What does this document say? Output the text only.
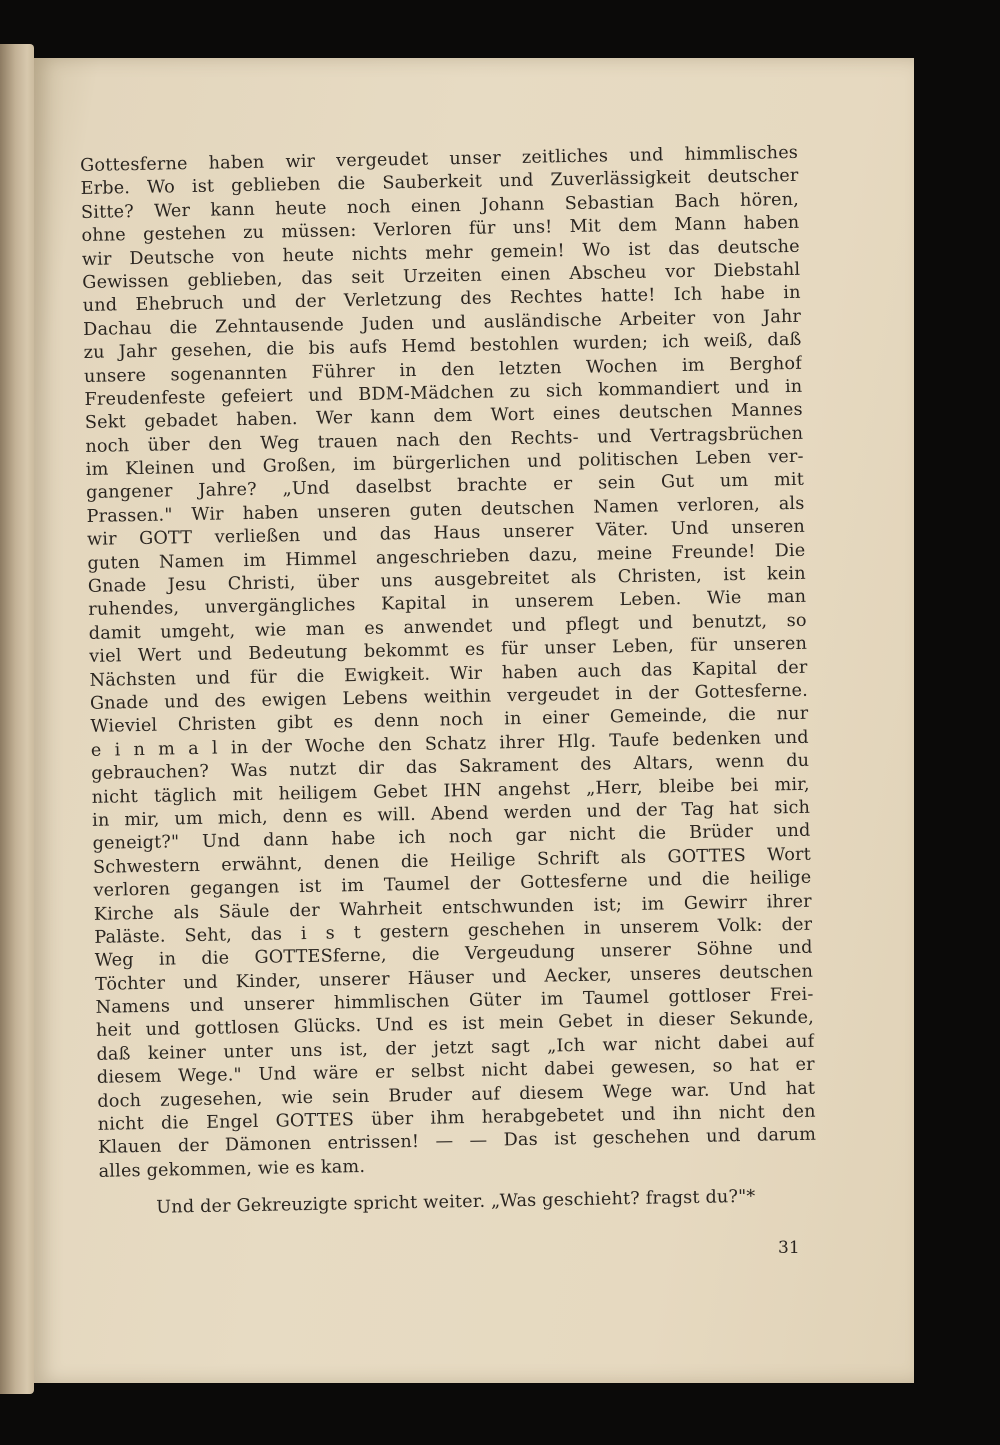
Gottesferne haben wir vergeudet unser zeitliches und himmlisches
Erbe. Wo ist geblieben die Sauberkeit und Zuverlässigkeit deutscher
Sitte? Wer kann heute noch einen Johann Sebastian Bach hören,
ohne gestehen zu müssen: Verloren für uns! Mit dem Mann haben
wir Deutsche von heute nichts mehr gemein! Wo ist das deutsche
Gewissen geblieben, das seit Urzeiten einen Abscheu vor Diebstahl
und Ehebruch und der Verletzung des Rechtes hatte! Ich habe in
Dachau die Zehntausende Juden und ausländische Arbeiter von Jahr
zu Jahr gesehen, die bis aufs Hemd bestohlen wurden; ich weiß, daß
unsere sogenannten Führer in den letzten Wochen im Berghof
Freudenfeste gefeiert und BDM-Mädchen zu sich kommandiert und in
Sekt gebadet haben. Wer kann dem Wort eines deutschen Mannes
noch über den Weg trauen nach den Rechts- und Vertragsbrüchen
im Kleinen und Großen, im bürgerlichen und politischen Leben ver-
gangener Jahre? „Und daselbst brachte er sein Gut um mit
Prassen." Wir haben unseren guten deutschen Namen verloren, als
wir GOTT verließen und das Haus unserer Väter. Und unseren
guten Namen im Himmel angeschrieben dazu, meine Freunde! Die
Gnade Jesu Christi, über uns ausgebreitet als Christen, ist kein
ruhendes, unvergängliches Kapital in unserem Leben. Wie man
damit umgeht, wie man es anwendet und pflegt und benutzt, so
viel Wert und Bedeutung bekommt es für unser Leben, für unseren
Nächsten und für die Ewigkeit. Wir haben auch das Kapital der
Gnade und des ewigen Lebens weithin vergeudet in der Gottesferne.
Wieviel Christen gibt es denn noch in einer Gemeinde, die nur
e i n m a l in der Woche den Schatz ihrer Hlg. Taufe bedenken und
gebrauchen? Was nutzt dir das Sakrament des Altars, wenn du
nicht täglich mit heiligem Gebet IHN angehst „Herr, bleibe bei mir,
in mir, um mich, denn es will. Abend werden und der Tag hat sich
geneigt?" Und dann habe ich noch gar nicht die Brüder und
Schwestern erwähnt, denen die Heilige Schrift als GOTTES Wort
verloren gegangen ist im Taumel der Gottesferne und die heilige
Kirche als Säule der Wahrheit entschwunden ist; im Gewirr ihrer
Paläste. Seht, das i s t gestern geschehen in unserem Volk: der
Weg in die GOTTESferne, die Vergeudung unserer Söhne und
Töchter und Kinder, unserer Häuser und Aecker, unseres deutschen
Namens und unserer himmlischen Güter im Taumel gottloser Frei-
heit und gottlosen Glücks. Und es ist mein Gebet in dieser Sekunde,
daß keiner unter uns ist, der jetzt sagt „Ich war nicht dabei auf
diesem Wege." Und wäre er selbst nicht dabei gewesen, so hat er
doch zugesehen, wie sein Bruder auf diesem Wege war. Und hat
nicht die Engel GOTTES über ihm herabgebetet und ihn nicht den
Klauen der Dämonen entrissen! — — Das ist geschehen und darum
alles gekommen, wie es kam.
Und der Gekreuzigte spricht weiter. „Was geschieht? fragst du?"*
31
